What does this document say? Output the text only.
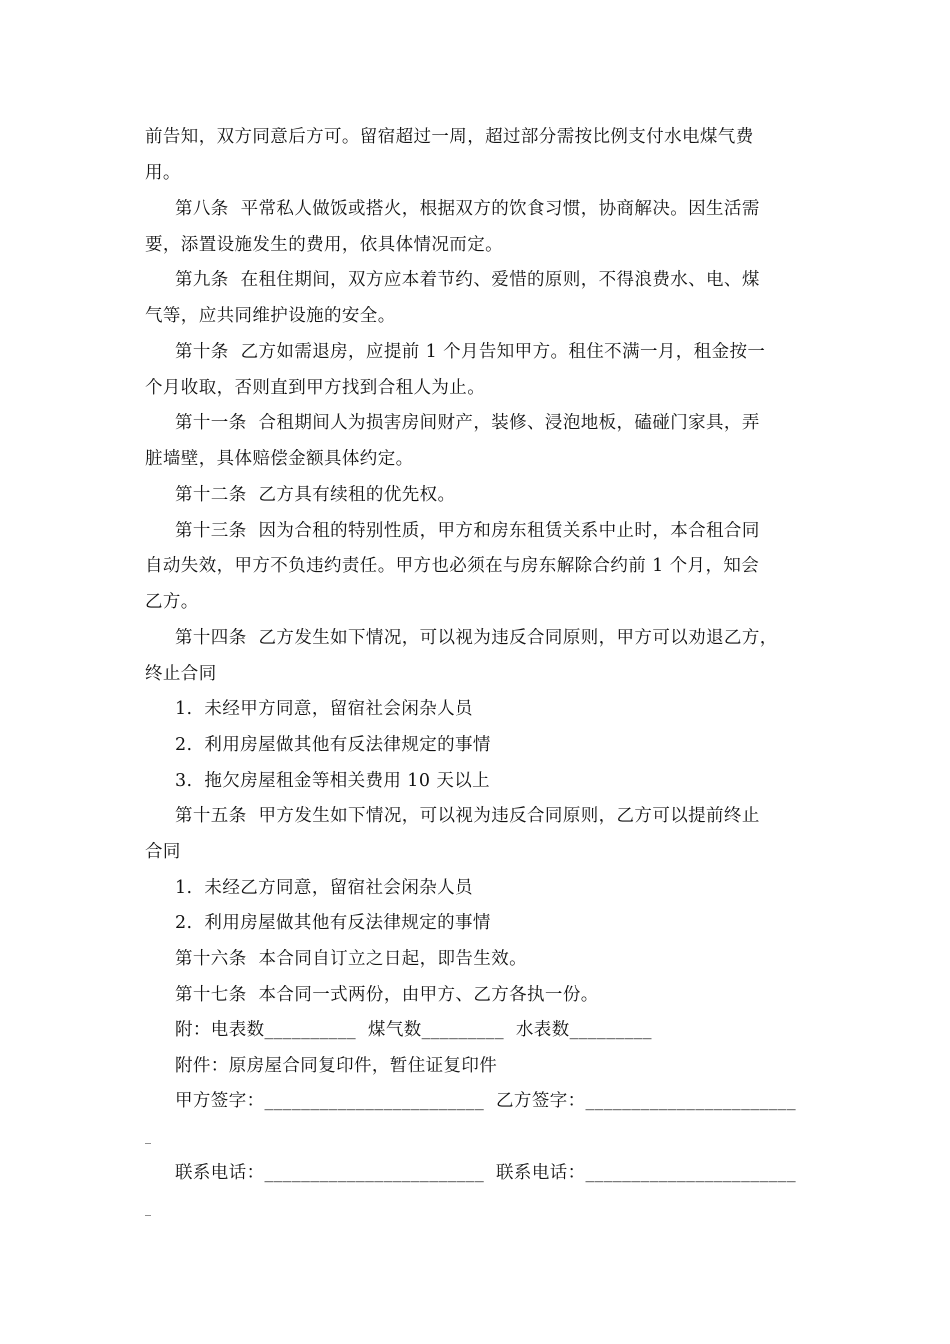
前告知，双方同意后方可。留宿超过一周，超过部分需按比例支付水电煤气费
用。
第八条  平常私人做饭或搭火，根据双方的饮食习惯，协商解决。因生活需
要，添置设施发生的费用，依具体情况而定。
第九条  在租住期间，双方应本着节约、爱惜的原则，不得浪费水、电、煤
气等，应共同维护设施的安全。
第十条  乙方如需退房，应提前 1 个月告知甲方。租住不满一月，租金按一
个月收取，否则直到甲方找到合租人为止。
第十一条  合租期间人为损害房间财产，装修、浸泡地板，磕碰门家具，弄
脏墙壁，具体赔偿金额具体约定。
第十二条  乙方具有续租的优先权。
第十三条  因为合租的特别性质，甲方和房东租赁关系中止时，本合租合同
自动失效，甲方不负违约责任。甲方也必须在与房东解除合约前 1 个月，知会
乙方。
第十四条  乙方发生如下情况，可以视为违反合同原则，甲方可以劝退乙方，
终止合同
1.  未经甲方同意，留宿社会闲杂人员
2.  利用房屋做其他有反法律规定的事情
3.  拖欠房屋租金等相关费用 10 天以上
第十五条  甲方发生如下情况，可以视为违反合同原则，乙方可以提前终止
合同
1.  未经乙方同意，留宿社会闲杂人员
2.  利用房屋做其他有反法律规定的事情
第十六条  本合同自订立之日起，即告生效。
第十七条  本合同一式两份，由甲方、乙方各执一份。
附：电表数__________  煤气数_________  水表数_________
附件：原房屋合同复印件，暂住证复印件
甲方签字：________________________  乙方签字：_______________________
_
联系电话：________________________  联系电话：_______________________
_
